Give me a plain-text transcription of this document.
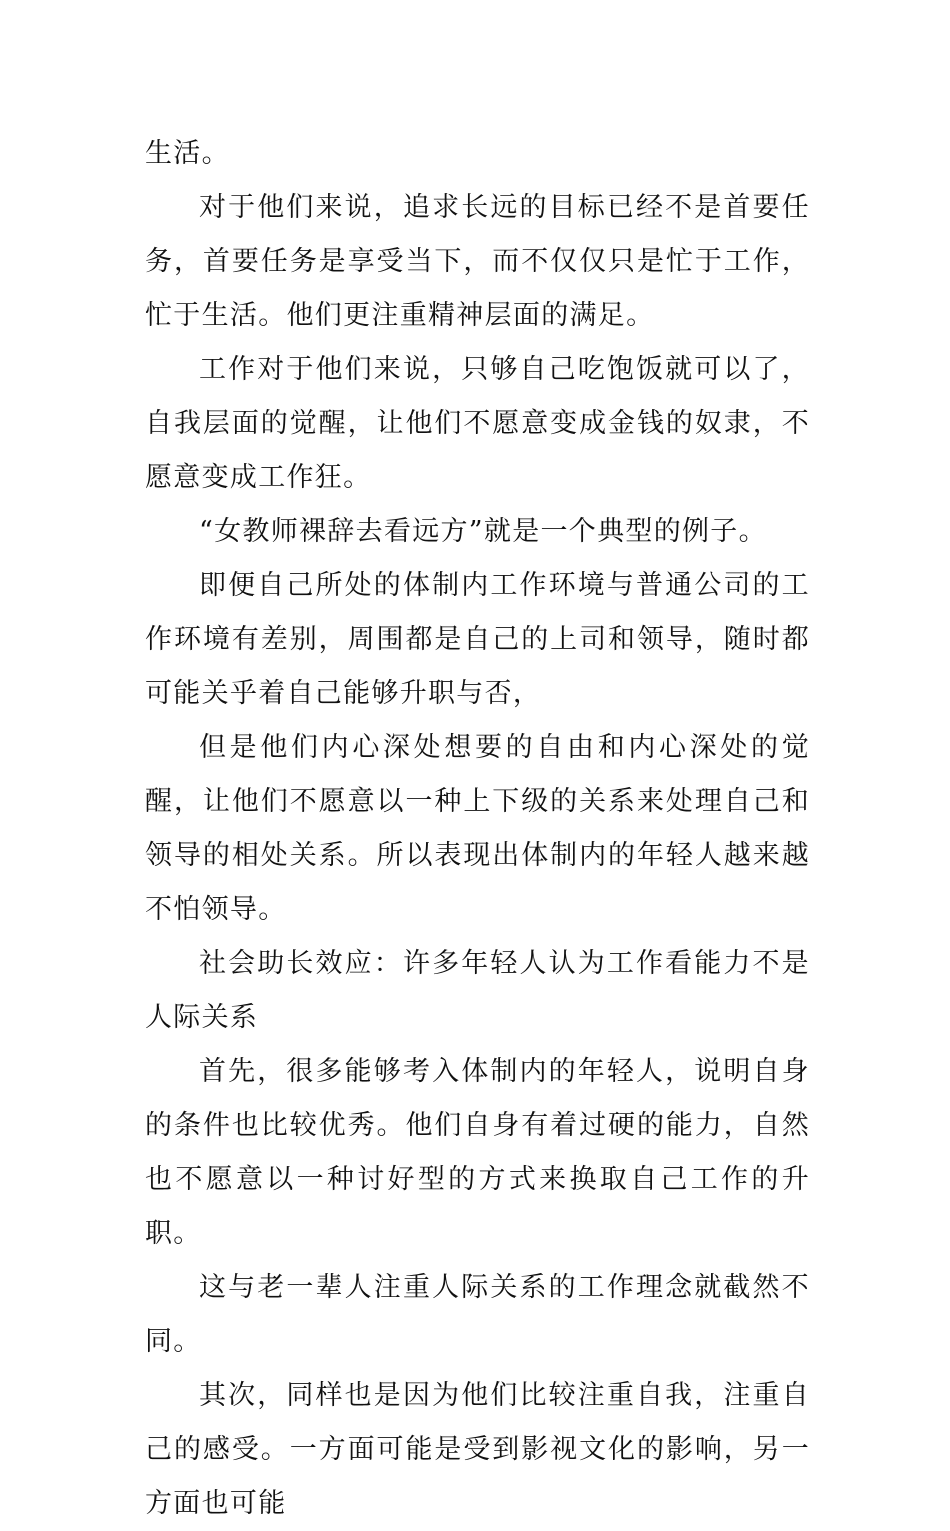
生活。

对于他们来说，追求长远的目标已经不是首要任务，首要任务是享受当下，而不仅仅只是忙于工作，忙于生活。他们更注重精神层面的满足。

工作对于他们来说，只够自己吃饱饭就可以了，自我层面的觉醒，让他们不愿意变成金钱的奴隶，不愿意变成工作狂。

“女教师裸辞去看远方”就是一个典型的例子。

即便自己所处的体制内工作环境与普通公司的工作环境有差别，周围都是自己的上司和领导，随时都可能关乎着自己能够升职与否，

但是他们内心深处想要的自由和内心深处的觉醒，让他们不愿意以一种上下级的关系来处理自己和领导的相处关系。所以表现出体制内的年轻人越来越不怕领导。

社会助长效应：许多年轻人认为工作看能力不是人际关系

首先，很多能够考入体制内的年轻人，说明自身的条件也比较优秀。他们自身有着过硬的能力，自然也不愿意以一种讨好型的方式来换取自己工作的升职。

这与老一辈人注重人际关系的工作理念就截然不同。

其次，同样也是因为他们比较注重自我，注重自己的感受。一方面可能是受到影视文化的影响，另一方面也可能
